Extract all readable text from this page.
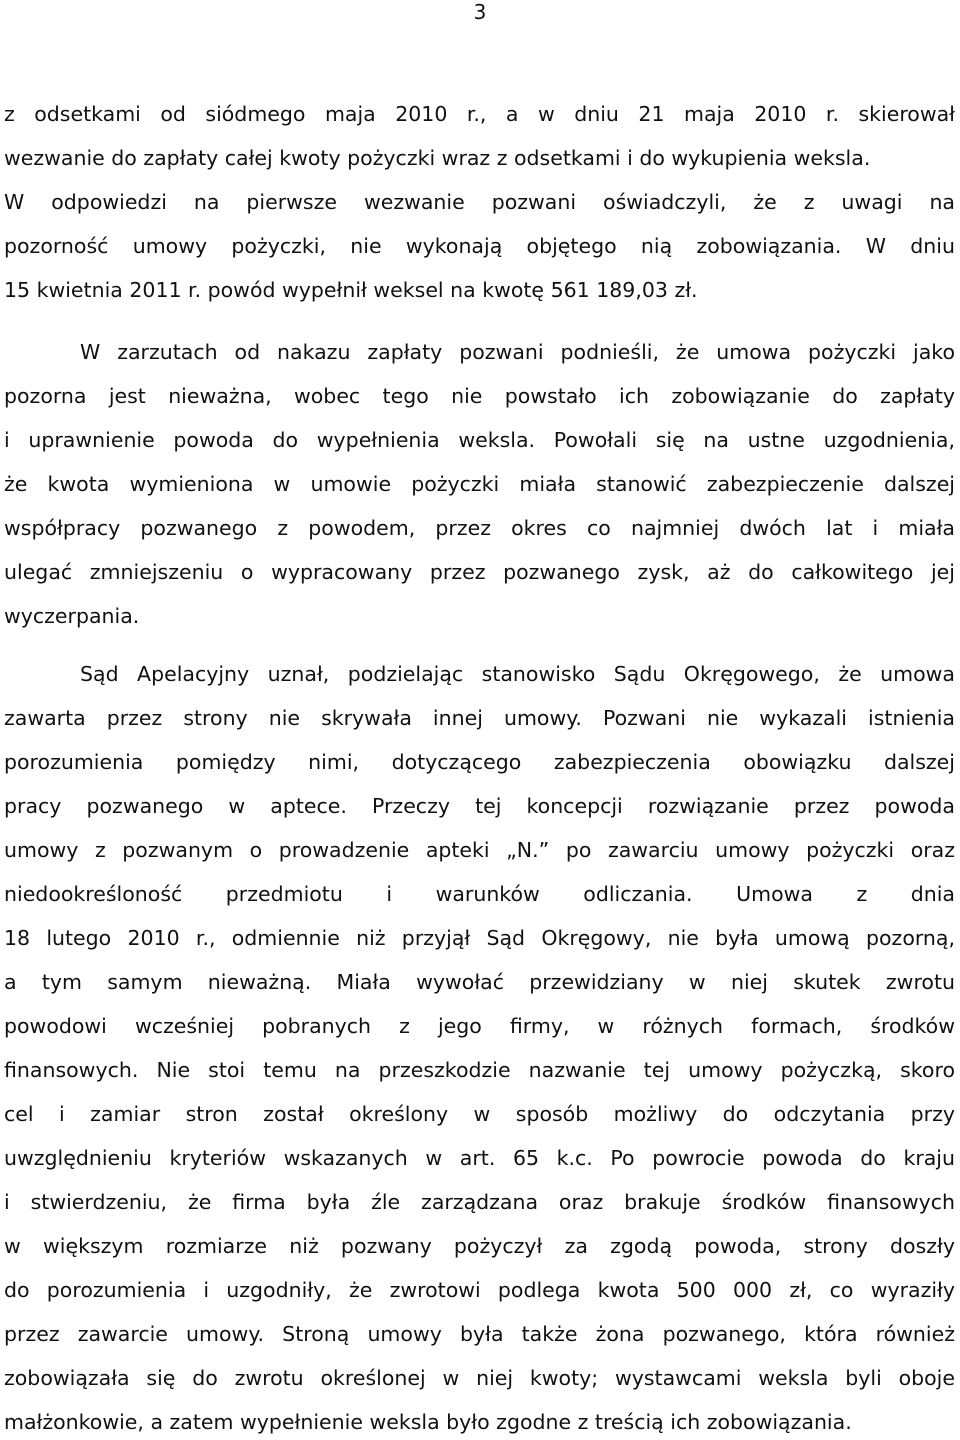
3
z odsetkami od siódmego maja 2010 r., a w dniu 21 maja 2010 r. skierował
wezwanie do zapłaty całej kwoty pożyczki wraz z odsetkami i do wykupienia weksla.
W odpowiedzi na pierwsze wezwanie pozwani oświadczyli, że z uwagi na
pozorność umowy pożyczki, nie wykonają objętego nią zobowiązania. W dniu
15 kwietnia 2011 r. powód wypełnił weksel na kwotę 561 189,03 zł.
W zarzutach od nakazu zapłaty pozwani podnieśli, że umowa pożyczki jako
pozorna jest nieważna, wobec tego nie powstało ich zobowiązanie do zapłaty
i uprawnienie powoda do wypełnienia weksla. Powołali się na ustne uzgodnienia,
że kwota wymieniona w umowie pożyczki miała stanowić zabezpieczenie dalszej
współpracy pozwanego z powodem, przez okres co najmniej dwóch lat i miała
ulegać zmniejszeniu o wypracowany przez pozwanego zysk, aż do całkowitego jej
wyczerpania.
Sąd Apelacyjny uznał, podzielając stanowisko Sądu Okręgowego, że umowa
zawarta przez strony nie skrywała innej umowy. Pozwani nie wykazali istnienia
porozumienia pomiędzy nimi, dotyczącego zabezpieczenia obowiązku dalszej
pracy pozwanego w aptece. Przeczy tej koncepcji rozwiązanie przez powoda
umowy z pozwanym o prowadzenie apteki „N.” po zawarciu umowy pożyczki oraz
niedookreśloność przedmiotu i warunków odliczania. Umowa z dnia
18 lutego 2010 r., odmiennie niż przyjął Sąd Okręgowy, nie była umową pozorną,
a tym samym nieważną. Miała wywołać przewidziany w niej skutek zwrotu
powodowi wcześniej pobranych z jego firmy, w różnych formach, środków
finansowych. Nie stoi temu na przeszkodzie nazwanie tej umowy pożyczką, skoro
cel i zamiar stron został określony w sposób możliwy do odczytania przy
uwzględnieniu kryteriów wskazanych w art. 65 k.c. Po powrocie powoda do kraju
i stwierdzeniu, że firma była źle zarządzana oraz brakuje środków finansowych
w większym rozmiarze niż pozwany pożyczył za zgodą powoda, strony doszły
do porozumienia i uzgodniły, że zwrotowi podlega kwota 500 000 zł, co wyraziły
przez zawarcie umowy. Stroną umowy była także żona pozwanego, która również
zobowiązała się do zwrotu określonej w niej kwoty; wystawcami weksla byli oboje
małżonkowie, a zatem wypełnienie weksla było zgodne z treścią ich zobowiązania.
